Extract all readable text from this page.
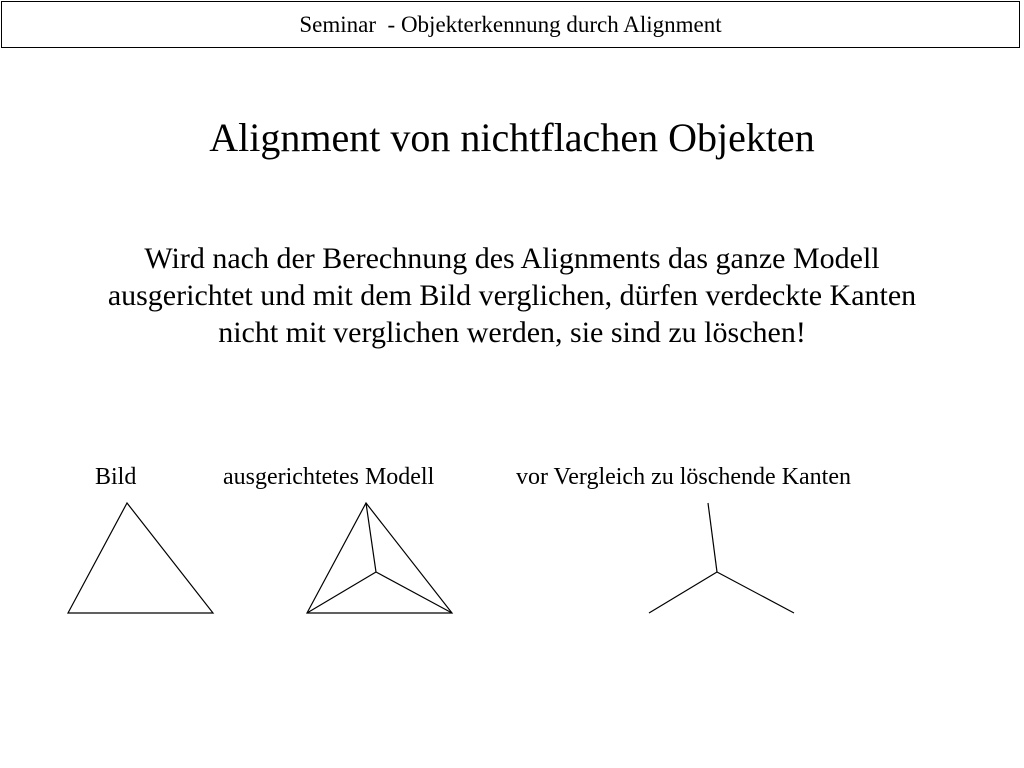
Seminar  - Objekterkennung durch Alignment
Alignment von nichtflachen Objekten
Wird nach der Berechnung des Alignments das ganze Modell
ausgerichtet und mit dem Bild verglichen, dürfen verdeckte Kanten
nicht mit verglichen werden, sie sind zu löschen!
Bild	ausgerichtetes Modell	vor Vergleich zu löschende Kanten
